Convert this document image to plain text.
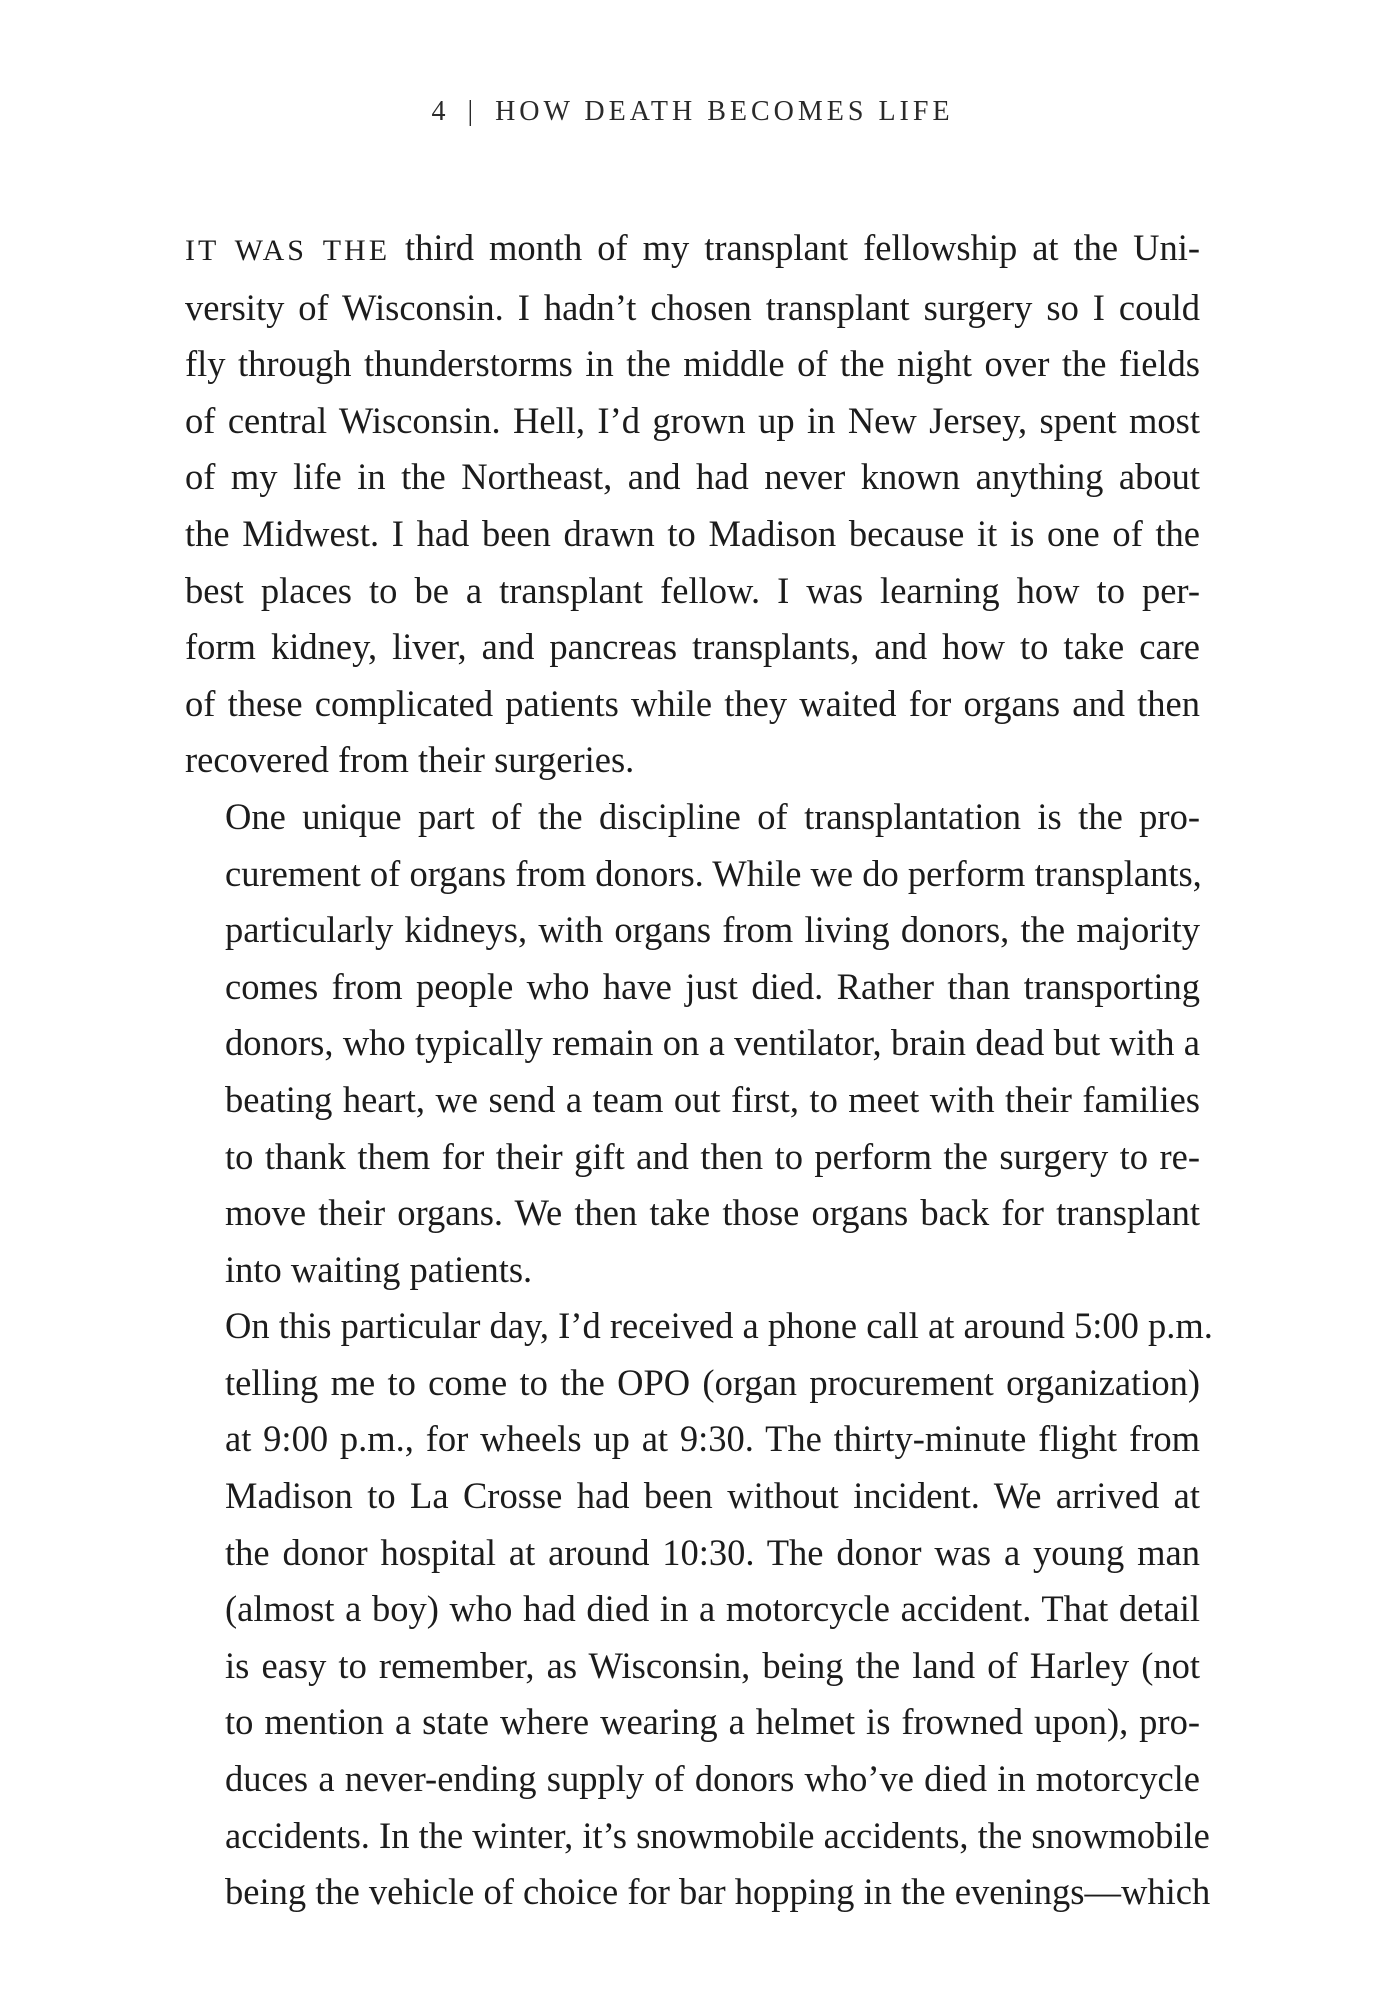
4 | HOW DEATH BECOMES LIFE

IT WAS THE third month of my transplant fellowship at the Uni-
versity of Wisconsin. I hadn’t chosen transplant surgery so I could
fly through thunderstorms in the middle of the night over the fields
of central Wisconsin. Hell, I’d grown up in New Jersey, spent most
of my life in the Northeast, and had never known anything about
the Midwest. I had been drawn to Madison because it is one of the
best places to be a transplant fellow. I was learning how to per-
form kidney, liver, and pancreas transplants, and how to take care
of these complicated patients while they waited for organs and then
recovered from their surgeries.

One unique part of the discipline of transplantation is the pro-
curement of organs from donors. While we do perform transplants,
particularly kidneys, with organs from living donors, the majority
comes from people who have just died. Rather than transporting
donors, who typically remain on a ventilator, brain dead but with a
beating heart, we send a team out first, to meet with their families
to thank them for their gift and then to perform the surgery to re-
move their organs. We then take those organs back for transplant
into waiting patients.

On this particular day, I’d received a phone call at around 5:00 p.m.
telling me to come to the OPO (organ procurement organization)
at 9:00 p.m., for wheels up at 9:30. The thirty-minute flight from
Madison to La Crosse had been without incident. We arrived at
the donor hospital at around 10:30. The donor was a young man
(almost a boy) who had died in a motorcycle accident. That detail
is easy to remember, as Wisconsin, being the land of Harley (not
to mention a state where wearing a helmet is frowned upon), pro-
duces a never-ending supply of donors who’ve died in motorcycle
accidents. In the winter, it’s snowmobile accidents, the snowmobile
being the vehicle of choice for bar hopping in the evenings—which
